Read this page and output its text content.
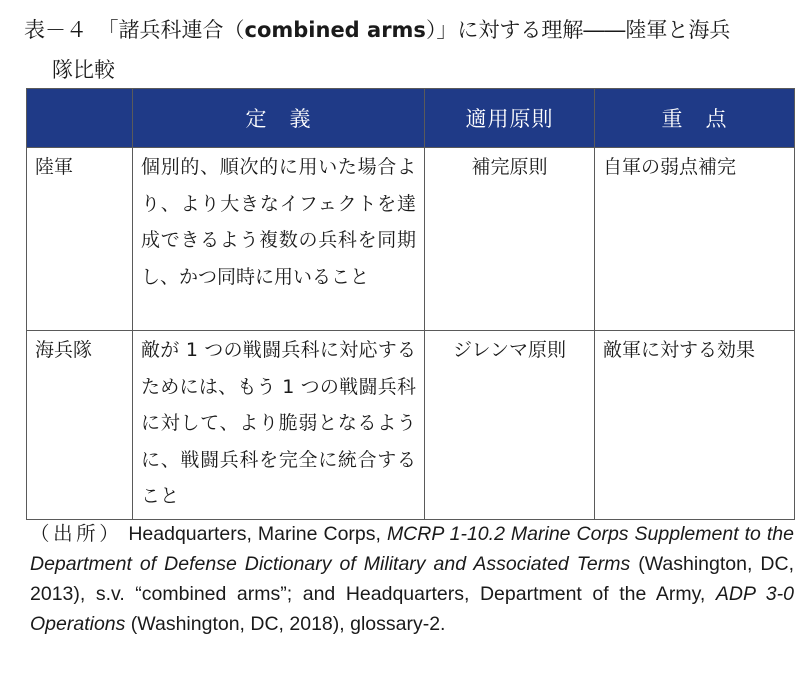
表－４　「諸兵科連合（combined arms）」に対する理解――陸軍と海兵
隊比較
	定　義	適用原則	重　点
陸軍	個別的、順次的に用いた場合より、より大きなイフェクトを達成できるよう複数の兵科を同期し、かつ同時に用いること	補完原則	自軍の弱点補完
海兵隊	敵が 1 つの戦闘兵科に対応するためには、もう 1 つの戦闘兵科に対して、より脆弱となるように、戦闘兵科を完全に統合すること	ジレンマ原則	敵軍に対する効果
（出所） Headquarters, Marine Corps, MCRP 1-10.2 Marine Corps Supplement to the Department of Defense Dictionary of Military and Associated Terms (Washington, DC, 2013), s.v. “combined arms”; and Headquarters, Department of the Army, ADP 3-0 Operations (Washington, DC, 2018), glossary-2.
